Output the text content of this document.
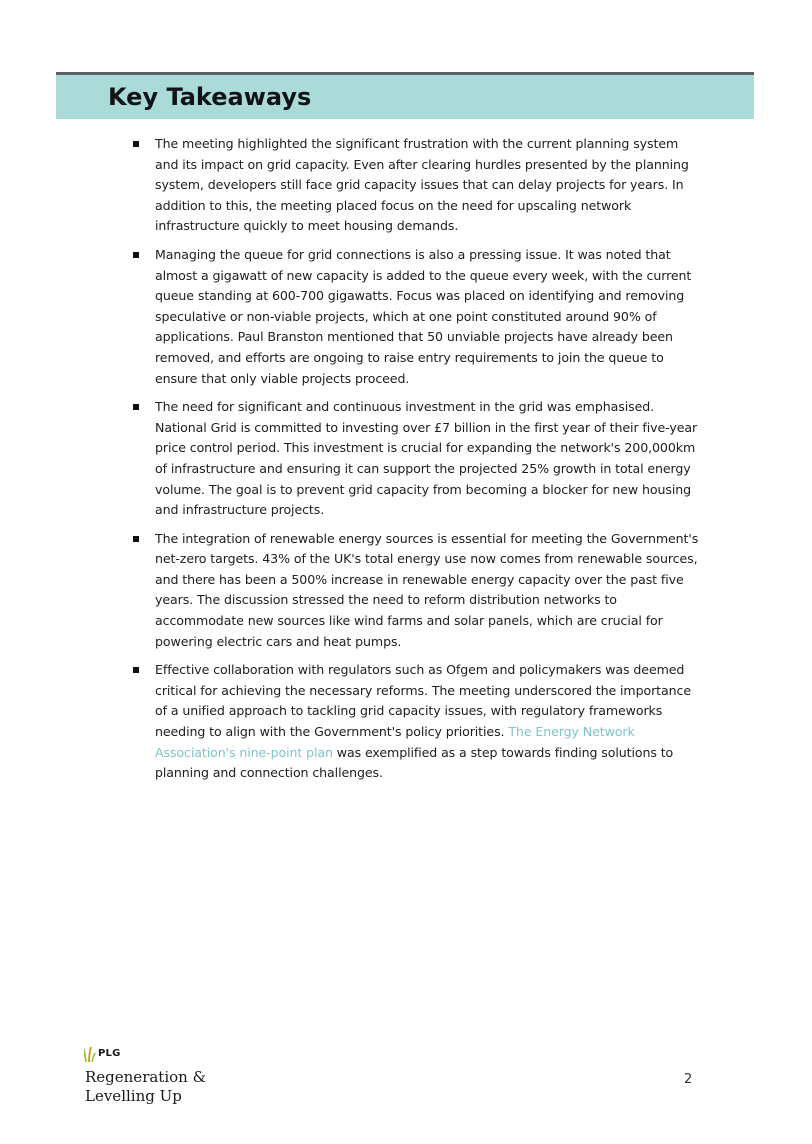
Key Takeaways
The meeting highlighted the significant frustration with the current planning system and its impact on grid capacity. Even after clearing hurdles presented by the planning system, developers still face grid capacity issues that can delay projects for years. In addition to this, the meeting placed focus on the need for upscaling network infrastructure quickly to meet housing demands.
Managing the queue for grid connections is also a pressing issue. It was noted that almost a gigawatt of new capacity is added to the queue every week, with the current queue standing at 600-700 gigawatts. Focus was placed on identifying and removing speculative or non-viable projects, which at one point constituted around 90% of applications. Paul Branston mentioned that 50 unviable projects have already been removed, and efforts are ongoing to raise entry requirements to join the queue to ensure that only viable projects proceed.
The need for significant and continuous investment in the grid was emphasised. National Grid is committed to investing over £7 billion in the first year of their five-year price control period. This investment is crucial for expanding the network's 200,000km of infrastructure and ensuring it can support the projected 25% growth in total energy volume. The goal is to prevent grid capacity from becoming a blocker for new housing and infrastructure projects.
The integration of renewable energy sources is essential for meeting the Government's net-zero targets. 43% of the UK's total energy use now comes from renewable sources, and there has been a 500% increase in renewable energy capacity over the past five years. The discussion stressed the need to reform distribution networks to accommodate new sources like wind farms and solar panels, which are crucial for powering electric cars and heat pumps.
Effective collaboration with regulators such as Ofgem and policymakers was deemed critical for achieving the necessary reforms. The meeting underscored the importance of a unified approach to tackling grid capacity issues, with regulatory frameworks needing to align with the Government's policy priorities. The Energy Network Association's nine-point plan was exemplified as a step towards finding solutions to planning and connection challenges.
PLG
Regeneration &
Levelling Up
2
